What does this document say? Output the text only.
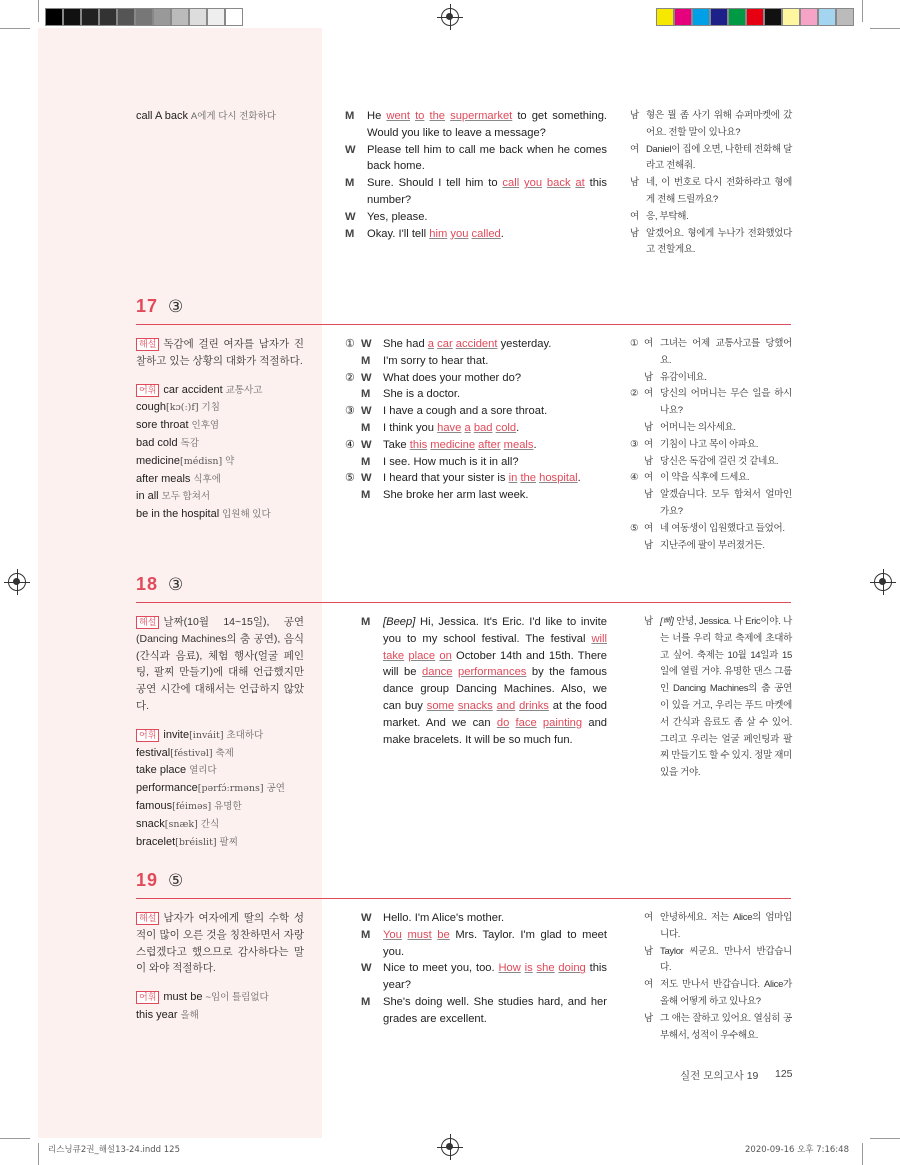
call A back A에게 다시 전화하다	M	He went to the supermarket to get something. Would you like to leave a message?
W	Please tell him to call me back when he comes back home.
M	Sure. Should I tell him to call you back at this number?
W	Yes, please.
M	Okay. I'll tell him you called.
남 형은 뭘 좀 사기 위해 슈퍼마켓에 갔어요. 전할 말이 있나요?
여 Daniel이 집에 오면, 나한테 전화해 달라고 전해줘.
남 네, 이 번호로 다시 전화하라고 형에게 전해 드릴까요?
여 응, 부탁해.
남 알겠어요. 형에게 누나가 전화했었다고 전할게요.
17 ③

해설 독감에 걸린 여자를 남자가 진찰하고 있는 상황의 대화가 적절하다.

어휘 car accident 교통사고

cough[kɔ(ː)f] 기침

sore throat 인후염

bad cold 독감

medicine[médisn] 약

after meals 식후에

in all 모두 합쳐서

be in the hospital 입원해 있다

① W	She had a car accident yesterday.
M	I'm sorry to hear that.
② W	What does your mother do?
M	She is a doctor.
③ W	I have a cough and a sore throat.
M	I think you have a bad cold.
④ W	Take this medicine after meals.
M	I see. How much is it in all?
⑤ W	I heard that your sister is in the hospital.
M	She broke her arm last week.
① 여 그녀는 어제 교통사고를 당했어요.
남 유감이네요.
② 여 당신의 어머니는 무슨 일을 하시나요?
남 어머니는 의사세요.
③ 여 기침이 나고 목이 아파요.
남 당신은 독감에 걸린 것 같네요.
④ 여 이 약을 식후에 드세요.
남 알겠습니다. 모두 합쳐서 얼마인가요?
⑤ 여 네 여동생이 입원했다고 들었어.
남 지난주에 팔이 부러졌거든.
18 ③

해설 날짜(10월 14~15일), 공연(Dancing Machines의 춤 공연), 음식(간식과 음료), 체험 행사(얼굴 페인팅, 팔찌 만들기)에 대해 언급했지만 공연 시간에 대해서는 언급하지 않았다.

어휘 invite[inváit] 초대하다

festival[féstivəl] 축제

take place 열리다

performance[pərfɔ́ːrməns] 공연

famous[féiməs] 유명한

snack[snæk] 간식

bracelet[bréislit] 팔찌

M	[Beep] Hi, Jessica. It's Eric. I'd like to invite you to my school festival. The festival will take place on October 14th and 15th. There will be dance performances by the famous dance group Dancing Machines. Also, we can buy some snacks and drinks at the food market. And we can do face painting and make bracelets. It will be so much fun.
남 [삐] 안녕, Jessica. 나 Eric이야. 나는 너를 우리 학교 축제에 초대하고 싶어. 축제는 10월 14일과 15일에 열릴 거야. 유명한 댄스 그룹인 Dancing Machines의 춤 공연이 있을 거고, 우리는 푸드 마켓에서 간식과 음료도 좀 살 수 있어. 그리고 우리는 얼굴 페인팅과 팔찌 만들기도 할 수 있지. 정말 재미있을 거야.
19 ⑤

해설 남자가 여자에게 딸의 수학 성적이 많이 오른 것을 칭찬하면서 자랑스럽겠다고 했으므로 감사하다는 말이 와야 적절하다.

어휘 must be ~임이 틀림없다

this year 올해

W	Hello. I'm Alice's mother.
M	You must be Mrs. Taylor. I'm glad to meet you.
W	Nice to meet you, too. How is she doing this year?
M	She's doing well. She studies hard, and her grades are excellent.
여 안녕하세요. 저는 Alice의 엄마입니다.
남 Taylor 씨군요. 만나서 반갑습니다.
여 저도 만나서 반갑습니다. Alice가 올해 어떻게 하고 있나요?
남 그 애는 잘하고 있어요. 열심히 공부해서, 성적이 우수해요.
실전 모의고사 19 125
리스닝큐2권_해설13-24.indd 125	2020-09-16 오후 7:16:48
